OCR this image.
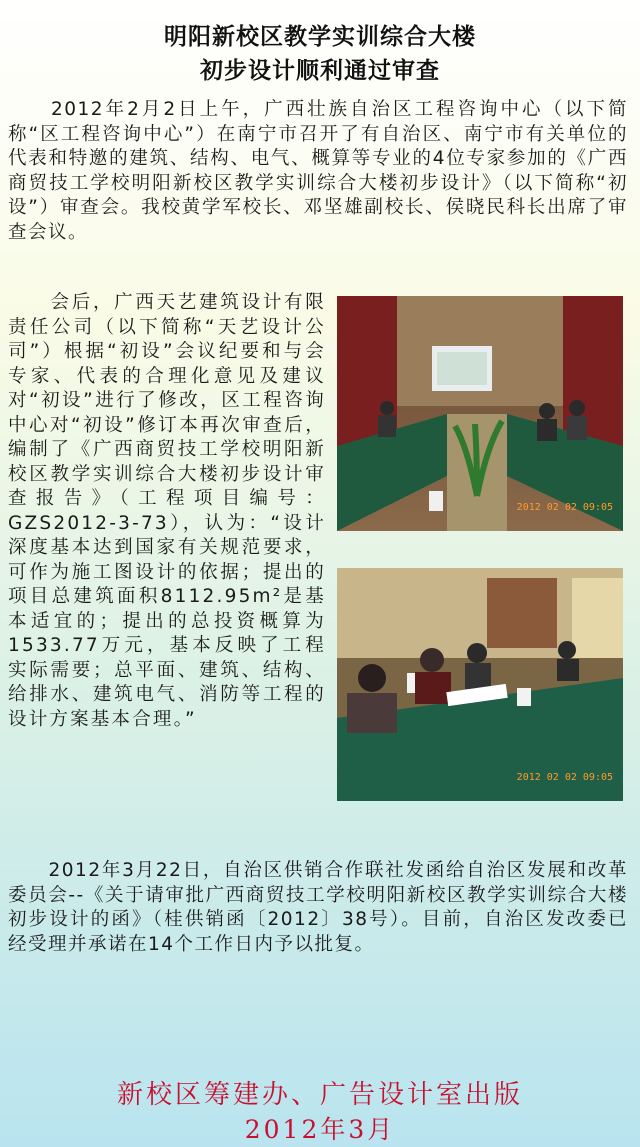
明阳新校区教学实训综合大楼
初步设计顺利通过审查

　　2012年2月2日上午，广西壮族自治区工程咨询中心（以下简称“区工程咨询中心”）在南宁市召开了有自治区、南宁市有关单位的代表和特邀的建筑、结构、电气、概算等专业的4位专家参加的《广西商贸技工学校明阳新校区教学实训综合大楼初步设计》（以下简称“初设”）审查会。我校黄学军校长、邓坚雄副校长、侯晓民科长出席了审查会议。

　　会后，广西天艺建筑设计有限责任公司（以下简称“天艺设计公司”）根据“初设”会议纪要和与会专家、代表的合理化意见及建议对“初设”进行了修改，区工程咨询中心对“初设”修订本再次审查后，编制了《广西商贸技工学校明阳新校区教学实训综合大楼初步设计审查报告》（工程项目编号：GZS2012-3-73），认为：“设计深度基本达到国家有关规范要求，可作为施工图设计的依据；提出的项目总建筑面积8112.95m²是基本适宜的；提出的总投资概算为1533.77万元，基本反映了工程实际需要；总平面、建筑、结构、给排水、建筑电气、消防等工程的设计方案基本合理。”

2012 02 02 09:05
2012 02 02 09:05

　　2012年3月22日，自治区供销合作联社发函给自治区发展和改革委员会--《关于请审批广西商贸技工学校明阳新校区教学实训综合大楼初步设计的函》（桂供销函〔2012〕38号）。目前，自治区发改委已经受理并承诺在14个工作日内予以批复。

新校区筹建办、广告设计室出版
2012年3月
